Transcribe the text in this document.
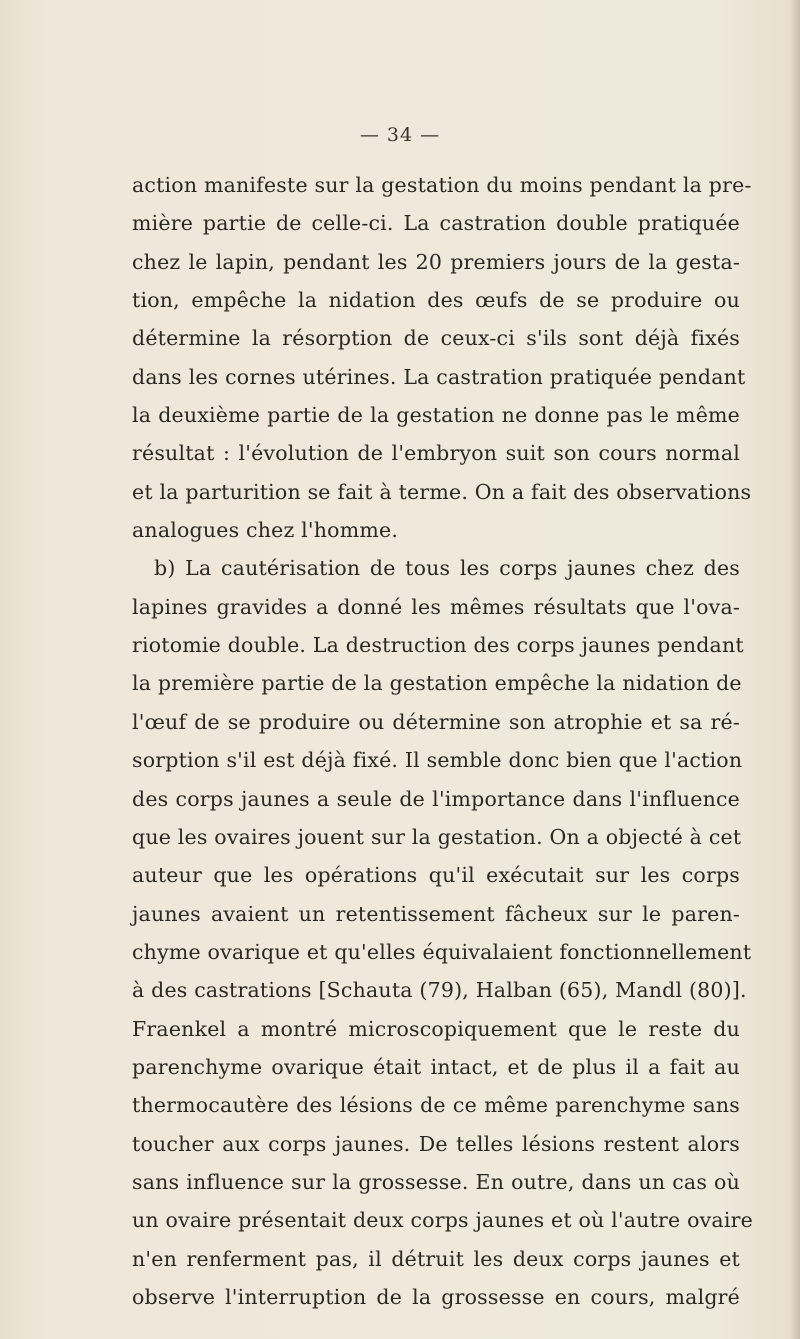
— 34 —
action manifeste sur la gestation du moins pendant la pre-
mière partie de celle-ci. La castration double pratiquée
chez le lapin, pendant les 20 premiers jours de la gesta-
tion, empêche la nidation des œufs de se produire ou
détermine la résorption de ceux-ci s'ils sont déjà fixés
dans les cornes utérines. La castration pratiquée pendant
la deuxième partie de la gestation ne donne pas le même
résultat : l'évolution de l'embryon suit son cours normal
et la parturition se fait à terme. On a fait des observations
analogues chez l'homme.
b) La cautérisation de tous les corps jaunes chez des
lapines gravides a donné les mêmes résultats que l'ova-
riotomie double. La destruction des corps jaunes pendant
la première partie de la gestation empêche la nidation de
l'œuf de se produire ou détermine son atrophie et sa ré-
sorption s'il est déjà fixé. Il semble donc bien que l'action
des corps jaunes a seule de l'importance dans l'influence
que les ovaires jouent sur la gestation. On a objecté à cet
auteur que les opérations qu'il exécutait sur les corps
jaunes avaient un retentissement fâcheux sur le paren-
chyme ovarique et qu'elles équivalaient fonctionnellement
à des castrations [Schauta (79), Halban (65), Mandl (80)].
Fraenkel a montré microscopiquement que le reste du
parenchyme ovarique était intact, et de plus il a fait au
thermocautère des lésions de ce même parenchyme sans
toucher aux corps jaunes. De telles lésions restent alors
sans influence sur la grossesse. En outre, dans un cas où
un ovaire présentait deux corps jaunes et où l'autre ovaire
n'en renferment pas, il détruit les deux corps jaunes et
observe l'interruption de la grossesse en cours, malgré
